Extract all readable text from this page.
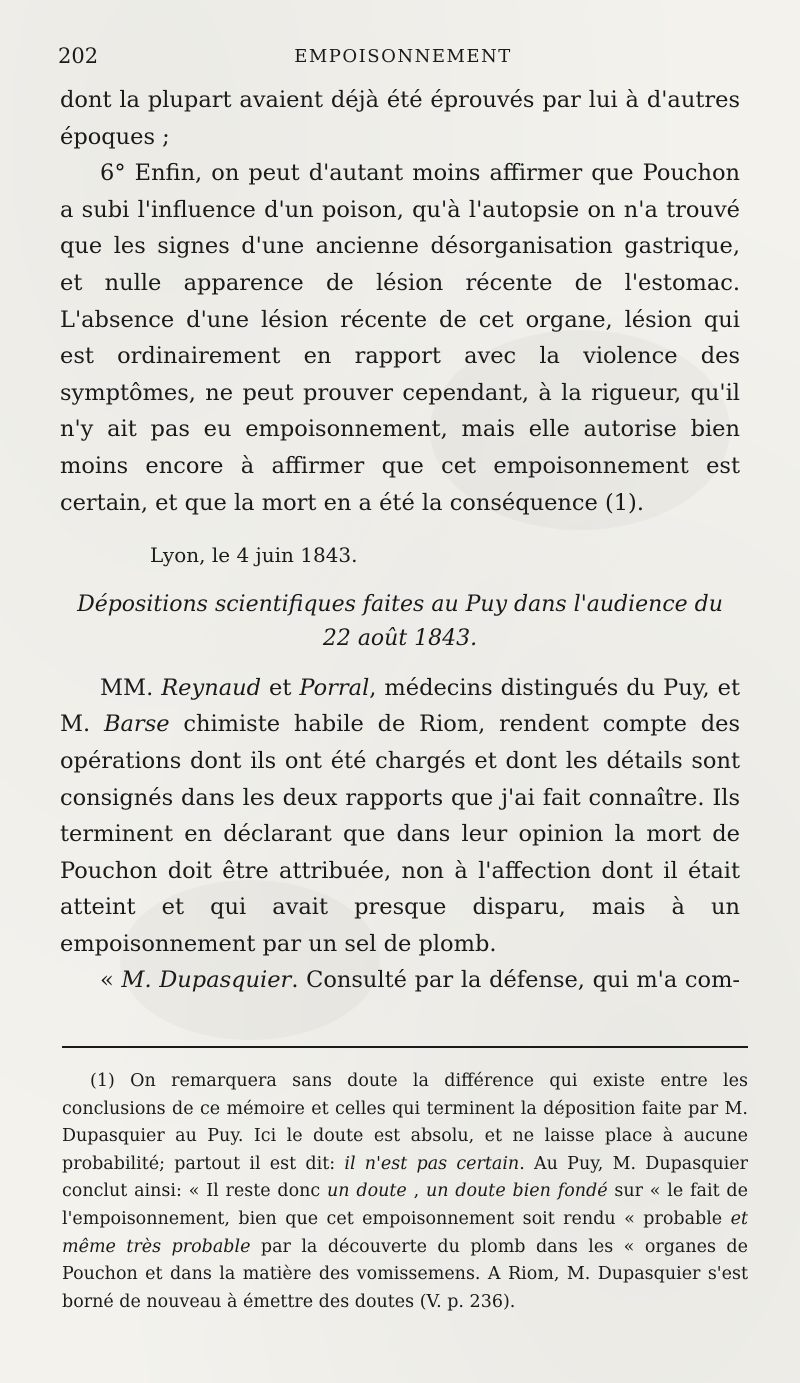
202	EMPOISONNEMENT

dont la plupart avaient déjà été éprouvés par lui à d'autres époques ;

6° Enfin, on peut d'autant moins affirmer que Pouchon a subi l'influence d'un poison, qu'à l'autopsie on n'a trouvé que les signes d'une ancienne désorganisation gastrique, et nulle apparence de lésion récente de l'estomac. L'absence d'une lésion récente de cet organe, lésion qui est ordinairement en rapport avec la violence des symptômes, ne peut prouver cependant, à la rigueur, qu'il n'y ait pas eu empoisonnement, mais elle autorise bien moins encore à affirmer que cet empoisonnement est certain, et que la mort en a été la conséquence (1).

Lyon, le 4 juin 1843.

Dépositions scientifiques faites au Puy dans l'audience du 22 août 1843.

MM. Reynaud et Porral, médecins distingués du Puy, et M. Barse chimiste habile de Riom, rendent compte des opérations dont ils ont été chargés et dont les détails sont consignés dans les deux rapports que j'ai fait connaître. Ils terminent en déclarant que dans leur opinion la mort de Pouchon doit être attribuée, non à l'affection dont il était atteint et qui avait presque disparu, mais à un empoisonnement par un sel de plomb.

« M. Dupasquier. Consulté par la défense, qui m'a com-

(1) On remarquera sans doute la différence qui existe entre les conclusions de ce mémoire et celles qui terminent la déposition faite par M. Dupasquier au Puy. Ici le doute est absolu, et ne laisse place à aucune probabilité; partout il est dit: il n'est pas certain. Au Puy, M. Dupasquier conclut ainsi: « Il reste donc un doute , un doute bien fondé sur « le fait de l'empoisonnement, bien que cet empoisonnement soit rendu « probable et même très probable par la découverte du plomb dans les « organes de Pouchon et dans la matière des vomissemens. A Riom, M. Dupasquier s'est borné de nouveau à émettre des doutes (V. p. 236).
